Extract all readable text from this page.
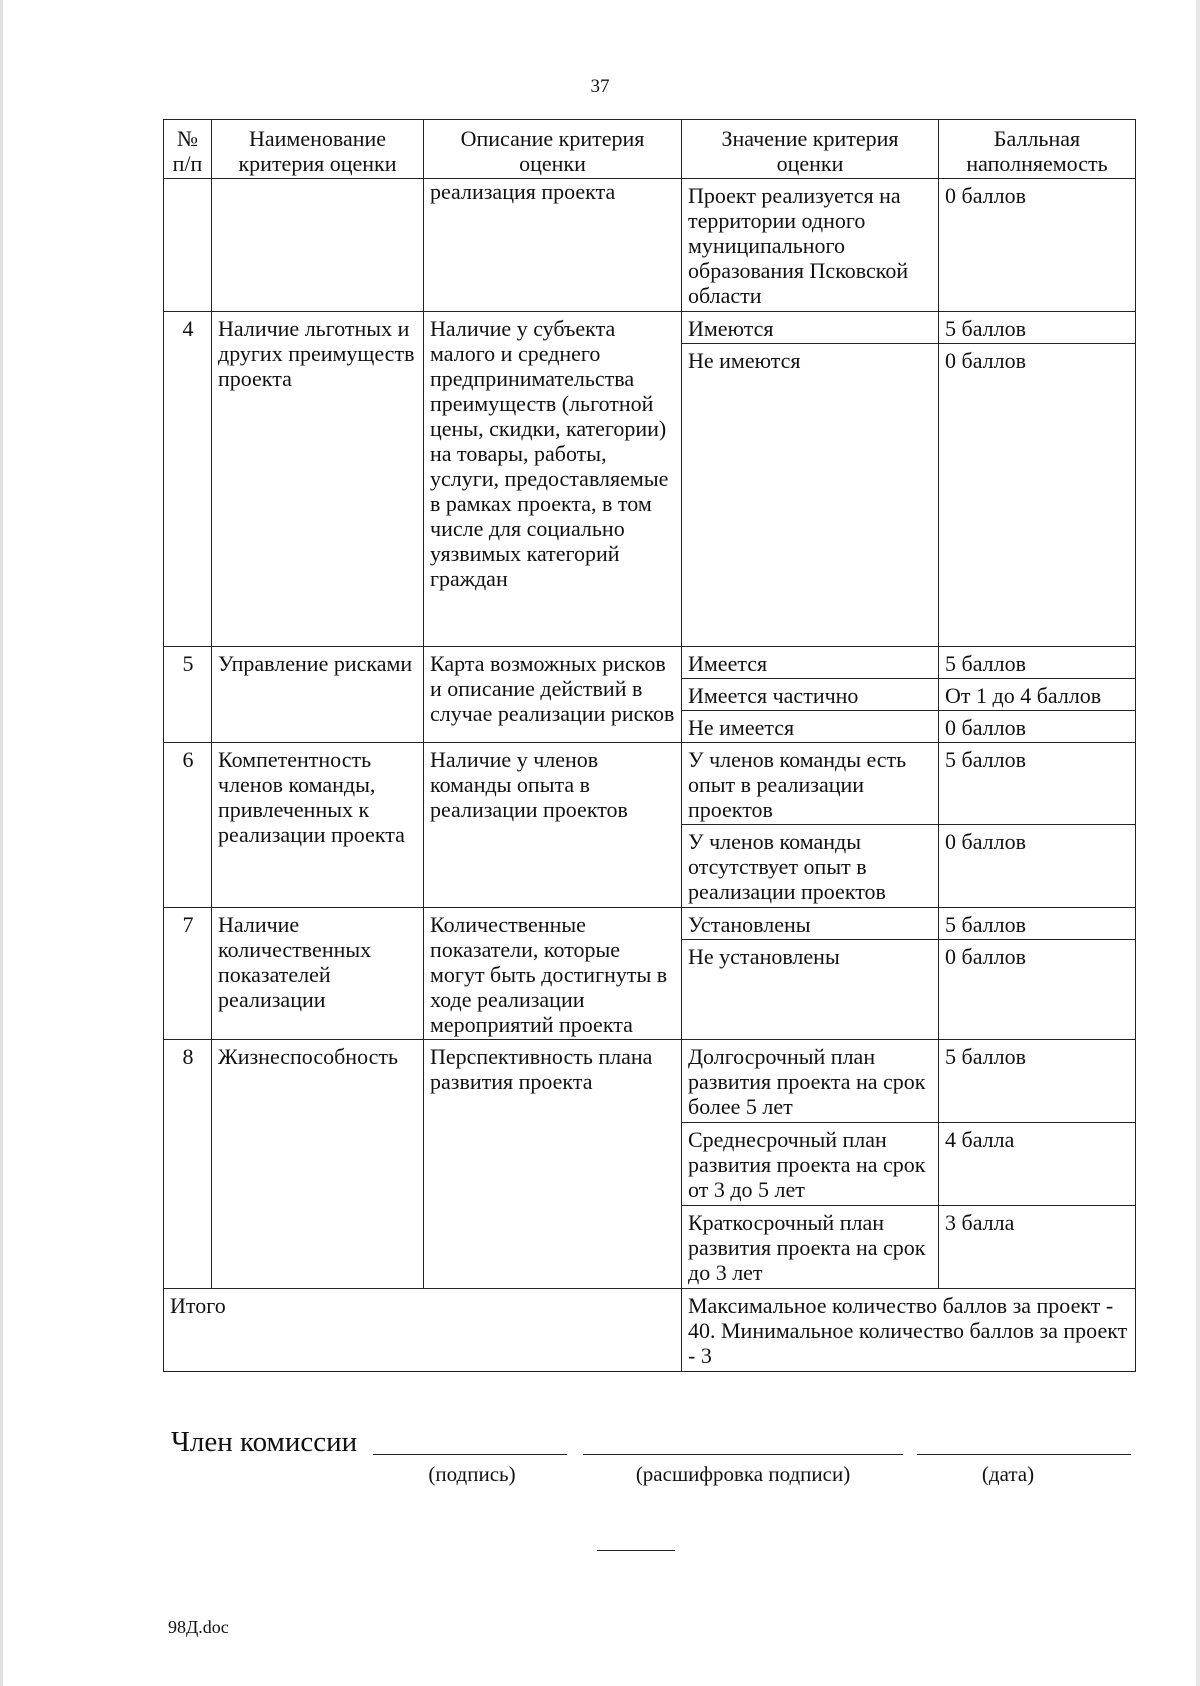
37
№ п/п	Наименование критерия оценки	Описание критерия оценки	Значение критерия оценки	Балльная наполняемость
		реализация проекта	Проект реализуется на территории одного муниципального образования Псковской области	0 баллов
4	Наличие льготных и других преимуществ проекта	Наличие у субъекта малого и среднего предпринимательства преимуществ (льготной цены, скидки, категории) на товары, работы, услуги, предоставляемые в рамках проекта, в том числе для социально уязвимых категорий граждан	Имеются	5 баллов
			Не имеются	0 баллов
5	Управление рисками	Карта возможных рисков и описание действий в случае реализации рисков	Имеется	5 баллов
			Имеется частично	От 1 до 4 баллов
			Не имеется	0 баллов
6	Компетентность членов команды, привлеченных к реализации проекта	Наличие у членов команды опыта в реализации проектов	У членов команды есть опыт в реализации проектов	5 баллов
			У членов команды отсутствует опыт в реализации проектов	0 баллов
7	Наличие количественных показателей реализации	Количественные показатели, которые могут быть достигнуты в ходе реализации мероприятий проекта	Установлены	5 баллов
			Не установлены	0 баллов
8	Жизнеспособность	Перспективность плана развития проекта	Долгосрочный план развития проекта на срок более 5 лет	5 баллов
			Среднесрочный план развития проекта на срок от 3 до 5 лет	4 балла
			Краткосрочный план развития проекта на срок до 3 лет	3 балла
Итого			Максимальное количество баллов за проект - 40. Минимальное количество баллов за проект - 3	
Член комиссии
(подпись)	(расшифровка подписи)	(дата)
98Д.doc
